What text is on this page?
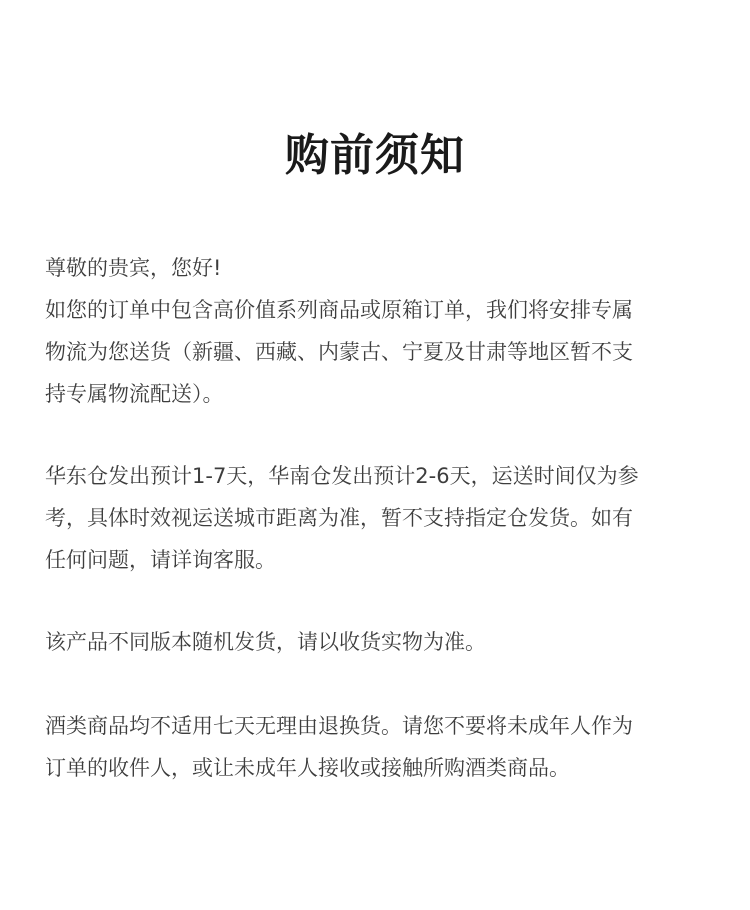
购前须知
尊敬的贵宾，您好!
如您的订单中包含高价值系列商品或原箱订单，我们将安排专属
物流为您送货（新疆、西藏、内蒙古、宁夏及甘肃等地区暂不支
持专属物流配送）。
华东仓发出预计1-7天，华南仓发出预计2-6天，运送时间仅为参
考，具体时效视运送城市距离为准，暂不支持指定仓发货。如有
任何问题，请详询客服。
该产品不同版本随机发货，请以收货实物为准。
酒类商品均不适用七天无理由退换货。请您不要将未成年人作为
订单的收件人，或让未成年人接收或接触所购酒类商品。
